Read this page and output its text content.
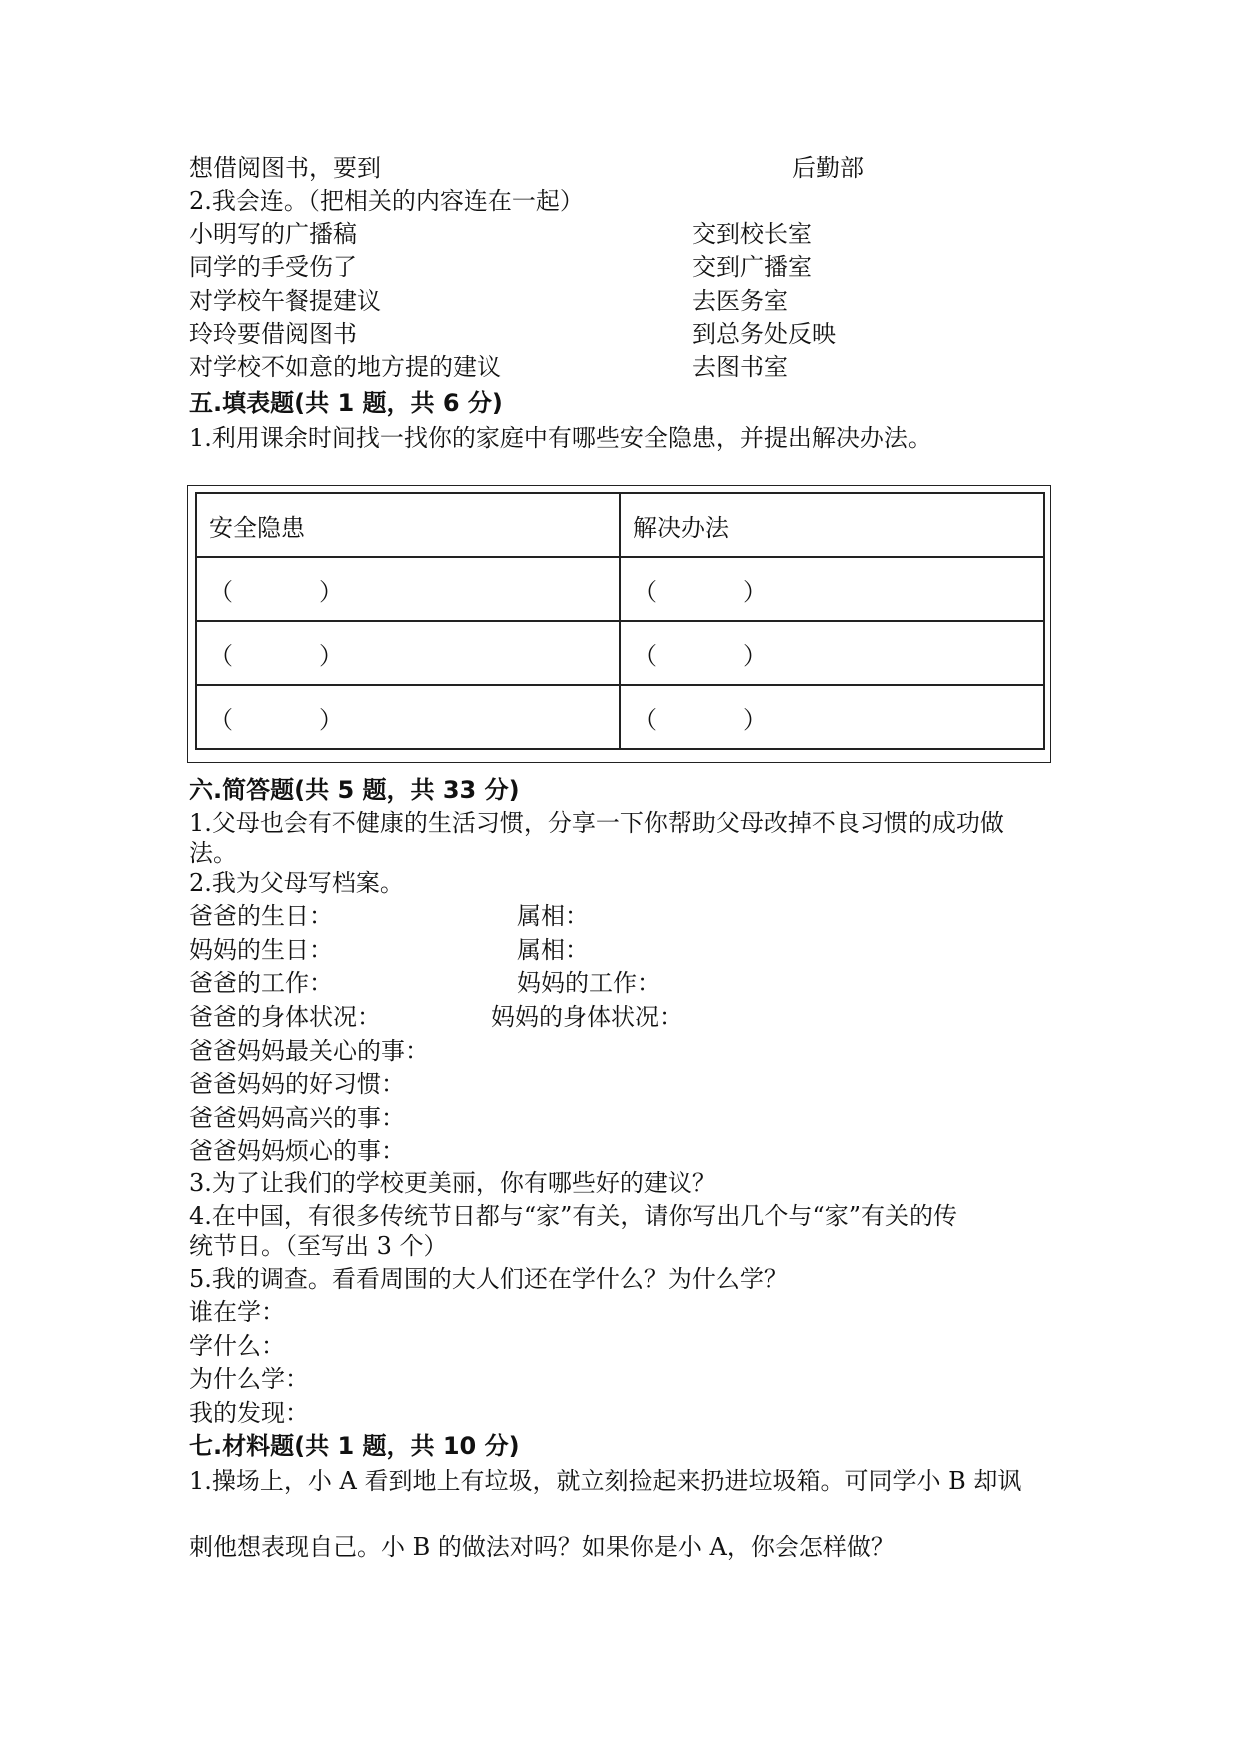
想借阅图书，要到	后勤部
2.我会连。（把相关的内容连在一起）
小明写的广播稿	交到校长室
同学的手受伤了	交到广播室
对学校午餐提建议	去医务室
玲玲要借阅图书	到总务处反映
对学校不如意的地方提的建议	去图书室
五.填表题(共 1 题，共 6 分)
1.利用课余时间找一找你的家庭中有哪些安全隐患，并提出解决办法。
安全隐患	解决办法
（ ）	（ ）
（ ）	（ ）
（ ）	（ ）
六.简答题(共 5 题，共 33 分)
1.父母也会有不健康的生活习惯，分享一下你帮助父母改掉不良习惯的成功做
法。
2.我为父母写档案。
爸爸的生日：	属相：
妈妈的生日：	属相：
爸爸的工作：	妈妈的工作：
爸爸的身体状况：	妈妈的身体状况：
爸爸妈妈最关心的事：
爸爸妈妈的好习惯：
爸爸妈妈高兴的事：
爸爸妈妈烦心的事：
3.为了让我们的学校更美丽，你有哪些好的建议？
4.在中国，有很多传统节日都与“家”有关，请你写出几个与“家”有关的传
统节日。（至写出 3 个）
5.我的调查。看看周围的大人们还在学什么？为什么学？
谁在学：
学什么：
为什么学：
我的发现：
七.材料题(共 1 题，共 10 分)
1.操场上，小 A 看到地上有垃圾，就立刻捡起来扔进垃圾箱。可同学小 B 却讽
刺他想表现自己。小 B 的做法对吗？如果你是小 A，你会怎样做？
